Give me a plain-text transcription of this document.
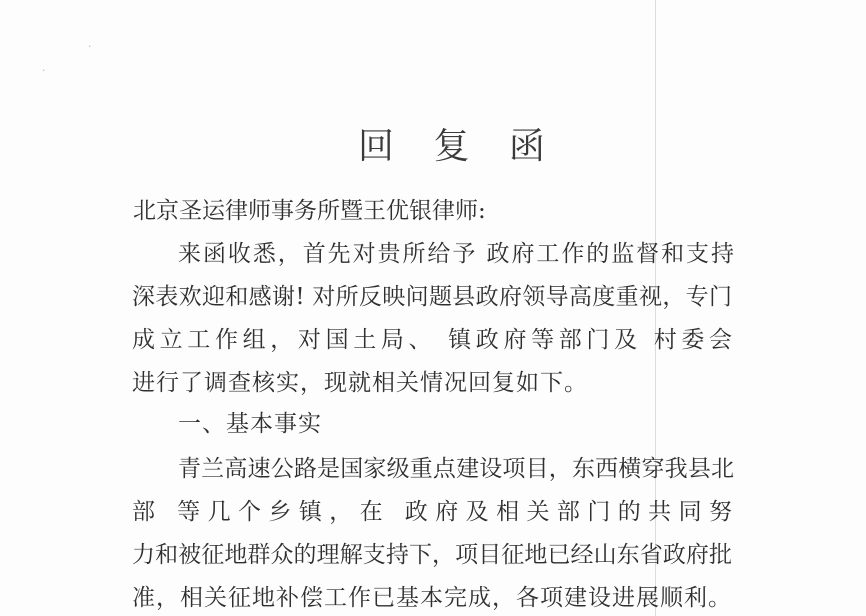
·
·
回 复 函
北京圣运律师事务所暨王优银律师:
来函收悉，首先对贵所给予 政府工作的监督和支持
深表欢迎和感谢! 对所反映问题县政府领导高度重视，专门
成立工作组，对国土局、 镇政府等部门及 村委会
进行了调查核实，现就相关情况回复如下。
一、基本事实
青兰高速公路是国家级重点建设项目，东西横穿我县北
部 等几个乡镇，在 政府及相关部门的共同努
力和被征地群众的理解支持下，项目征地已经山东省政府批
准，相关征地补偿工作已基本完成，各项建设进展顺利。
